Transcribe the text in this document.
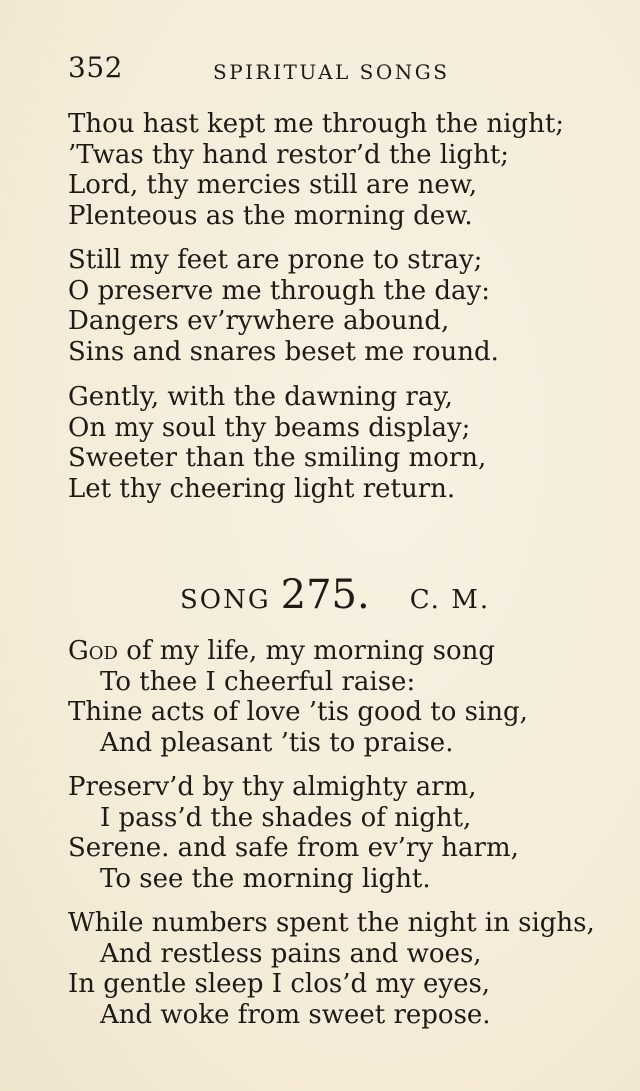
352	SPIRITUAL SONGS
Thou hast kept me through the night;
’Twas thy hand restor’d the light;
Lord, thy mercies still are new,
Plenteous as the morning dew.
Still my feet are prone to stray;
O preserve me through the day:
Dangers ev’rywhere abound,
Sins and snares beset me round.
Gently, with the dawning ray,
On my soul thy beams display;
Sweeter than the smiling morn,
Let thy cheering light return.
SONG 275. C. M.
God of my life, my morning song
To thee I cheerful raise:
Thine acts of love ’tis good to sing,
And pleasant ’tis to praise.
Preserv’d by thy almighty arm,
I pass’d the shades of night,
Serene. and safe from ev’ry harm,
To see the morning light.
While numbers spent the night in sighs,
And restless pains and woes,
In gentle sleep I clos’d my eyes,
And woke from sweet repose.
